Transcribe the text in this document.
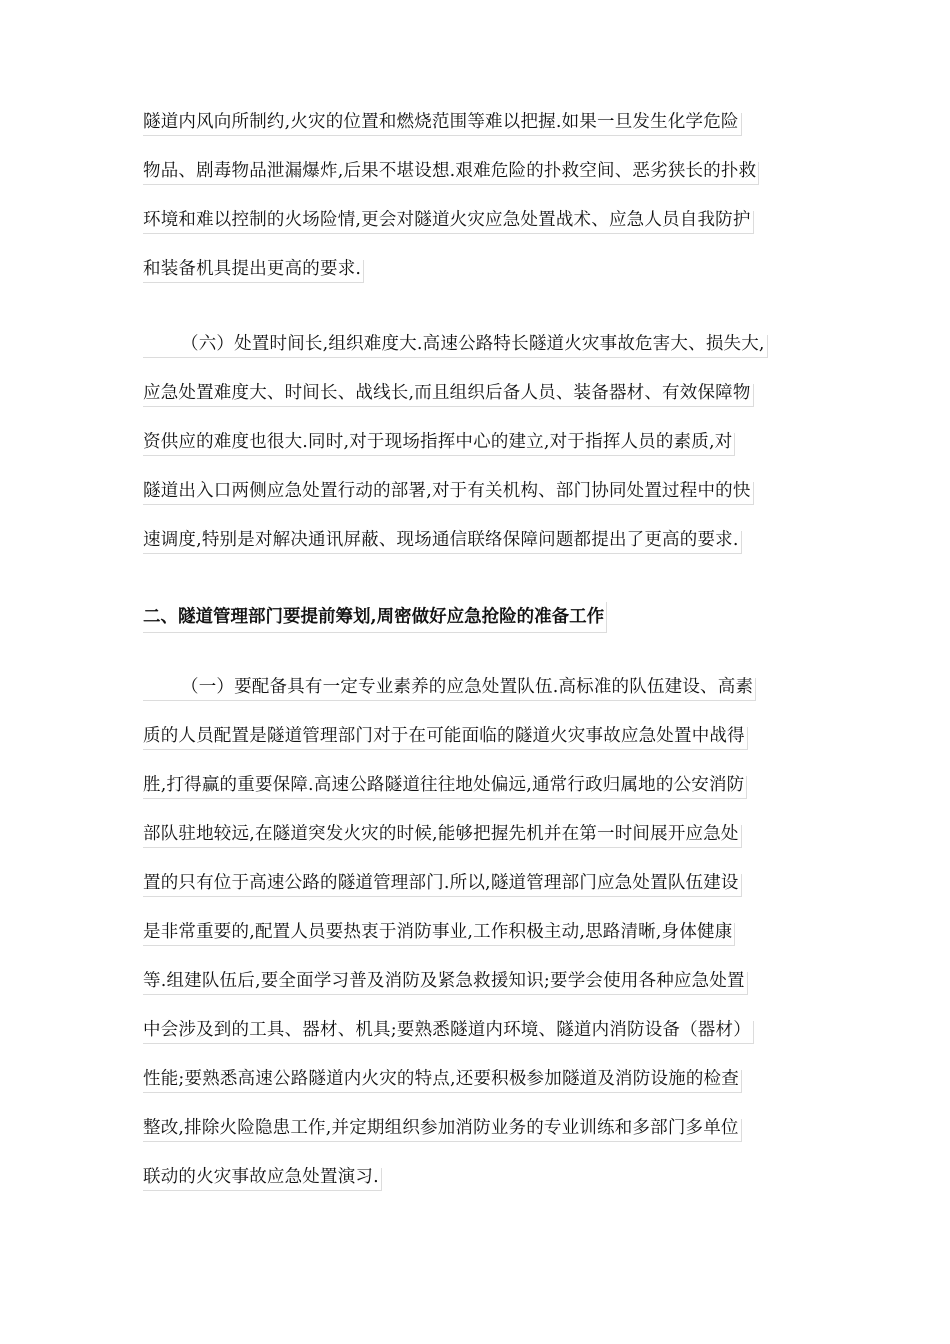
隧道内风向所制约,火灾的位置和燃烧范围等难以把握.如果一旦发生化学危险
物品、剧毒物品泄漏爆炸,后果不堪设想.艰难危险的扑救空间、恶劣狭长的扑救
环境和难以控制的火场险情,更会对隧道火灾应急处置战术、应急人员自我防护
和装备机具提出更高的要求.
（六）处置时间长,组织难度大.高速公路特长隧道火灾事故危害大、损失大,
应急处置难度大、时间长、战线长,而且组织后备人员、装备器材、有效保障物
资供应的难度也很大.同时,对于现场指挥中心的建立,对于指挥人员的素质,对
隧道出入口两侧应急处置行动的部署,对于有关机构、部门协同处置过程中的快
速调度,特别是对解决通讯屏蔽、现场通信联络保障问题都提出了更高的要求.
二、隧道管理部门要提前筹划,周密做好应急抢险的准备工作
（一）要配备具有一定专业素养的应急处置队伍.高标准的队伍建设、高素
质的人员配置是隧道管理部门对于在可能面临的隧道火灾事故应急处置中战得
胜,打得赢的重要保障.高速公路隧道往往地处偏远,通常行政归属地的公安消防
部队驻地较远,在隧道突发火灾的时候,能够把握先机并在第一时间展开应急处
置的只有位于高速公路的隧道管理部门.所以,隧道管理部门应急处置队伍建设
是非常重要的,配置人员要热衷于消防事业,工作积极主动,思路清晰,身体健康
等.组建队伍后,要全面学习普及消防及紧急救援知识;要学会使用各种应急处置
中会涉及到的工具、器材、机具;要熟悉隧道内环境、隧道内消防设备（器材）
性能;要熟悉高速公路隧道内火灾的特点,还要积极参加隧道及消防设施的检查
整改,排除火险隐患工作,并定期组织参加消防业务的专业训练和多部门多单位
联动的火灾事故应急处置演习.
